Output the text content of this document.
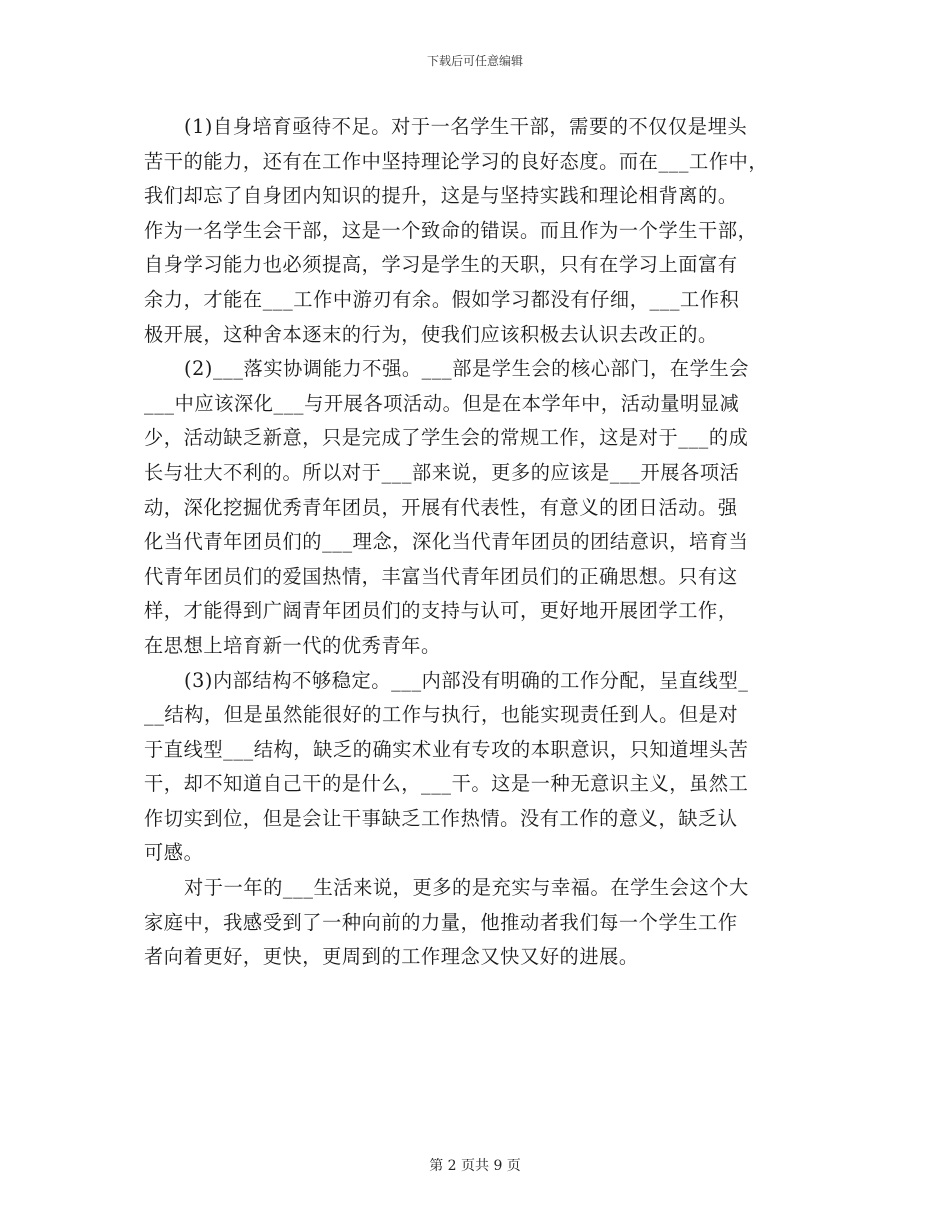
下载后可任意编辑
(1)自身培育亟待不足。对于一名学生干部，需要的不仅仅是埋头
苦干的能力，还有在工作中坚持理论学习的良好态度。而在___工作中，
我们却忘了自身团内知识的提升，这是与坚持实践和理论相背离的。
作为一名学生会干部，这是一个致命的错误。而且作为一个学生干部，
自身学习能力也必须提高，学习是学生的天职，只有在学习上面富有
余力，才能在___工作中游刃有余。假如学习都没有仔细，___工作积
极开展，这种舍本逐末的行为，使我们应该积极去认识去改正的。
(2)___落实协调能力不强。___部是学生会的核心部门，在学生会
___中应该深化___与开展各项活动。但是在本学年中，活动量明显减
少，活动缺乏新意，只是完成了学生会的常规工作，这是对于___的成
长与壮大不利的。所以对于___部来说，更多的应该是___开展各项活
动，深化挖掘优秀青年团员，开展有代表性，有意义的团日活动。强
化当代青年团员们的___理念，深化当代青年团员的团结意识，培育当
代青年团员们的爱国热情，丰富当代青年团员们的正确思想。只有这
样，才能得到广阔青年团员们的支持与认可，更好地开展团学工作，
在思想上培育新一代的优秀青年。
(3)内部结构不够稳定。___内部没有明确的工作分配，呈直线型_
__结构，但是虽然能很好的工作与执行，也能实现责任到人。但是对
于直线型___结构，缺乏的确实术业有专攻的本职意识，只知道埋头苦
干，却不知道自己干的是什么，___干。这是一种无意识主义，虽然工
作切实到位，但是会让干事缺乏工作热情。没有工作的意义，缺乏认
可感。
对于一年的___生活来说，更多的是充实与幸福。在学生会这个大
家庭中，我感受到了一种向前的力量，他推动者我们每一个学生工作
者向着更好，更快，更周到的工作理念又快又好的进展。
第 2 页共 9 页
